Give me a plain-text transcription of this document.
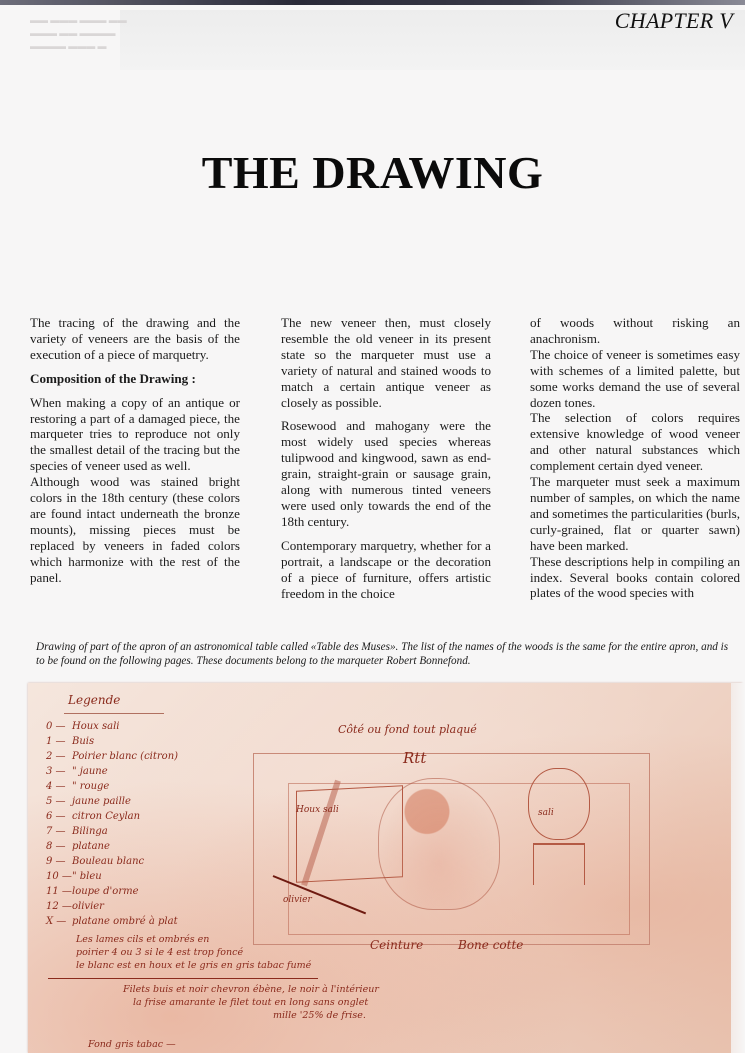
▬▬ ▬▬▬ ▬▬▬ ▬▬
▬▬▬ ▬▬ ▬▬▬▬
▬▬▬▬ ▬▬▬ ▬
CHAPTER V
THE DRAWING

The tracing of the drawing and the variety of veneers are the basis of the execution of a piece of marquetry.

Composition of the Drawing :

When making a copy of an antique or restoring a part of a damaged piece, the marqueter tries to reproduce not only the smallest detail of the tracing but the species of veneer used as well.

Although wood was stained bright colors in the 18th century (these colors are found intact underneath the bronze mounts), missing pieces must be replaced by veneers in faded colors which harmonize with the rest of the panel.

The new veneer then, must closely resemble the old veneer in its present state so the marqueter must use a variety of natural and stained woods to match a certain antique veneer as closely as possible.

Rosewood and mahogany were the most widely used species whereas tulipwood and kingwood, sawn as end-grain, straight-grain or sausage grain, along with numerous tinted veneers were used only towards the end of the 18th century.

Contemporary marquetry, whether for a portrait, a landscape or the decoration of a piece of furniture, offers artistic freedom in the choice

of woods without risking an anachronism.

The choice of veneer is sometimes easy with schemes of a limited palette, but some works demand the use of several dozen tones.

The selection of colors requires extensive knowledge of wood veneer and other natural substances which complement certain dyed veneer.

The marqueter must seek a maximum number of samples, on which the name and sometimes the particularities (burls, curly-grained, flat or quarter sawn) have been marked.

These descriptions help in compiling an index. Several books contain colored plates of the wood species with

Drawing of part of the apron of an astronomical table called «Table des Muses». The list of the names of the woods is the same for the entire apron, and is to be found on the following pages. These documents belong to the marqueter Robert Bonnefond.
Legende
0 — Houx sali
1 — Buis
2 — Poirier blanc (citron)
3 — " jaune
4 — " rouge
5 — jaune paille
6 — citron Ceylan
7 — Bilinga
8 — platane
9 — Bouleau blanc
10 —" bleu
11 —loupe d'orme
12 —olivier
X — platane ombré à plat
Côté ou fond tout plaqué
Rtt
Houx sali	sali
olivier
Ceinture	Bone cotte
Les lames cils et ombrés en
poirier 4 ou 3 si le 4 est trop foncé
le blanc est en houx et le gris en gris tabac fumé
Filets buis et noir chevron ébène, le noir à l'intérieur
la frise amarante le filet tout en long sans onglet
mille '25% de frise.
Fond gris tabac —
